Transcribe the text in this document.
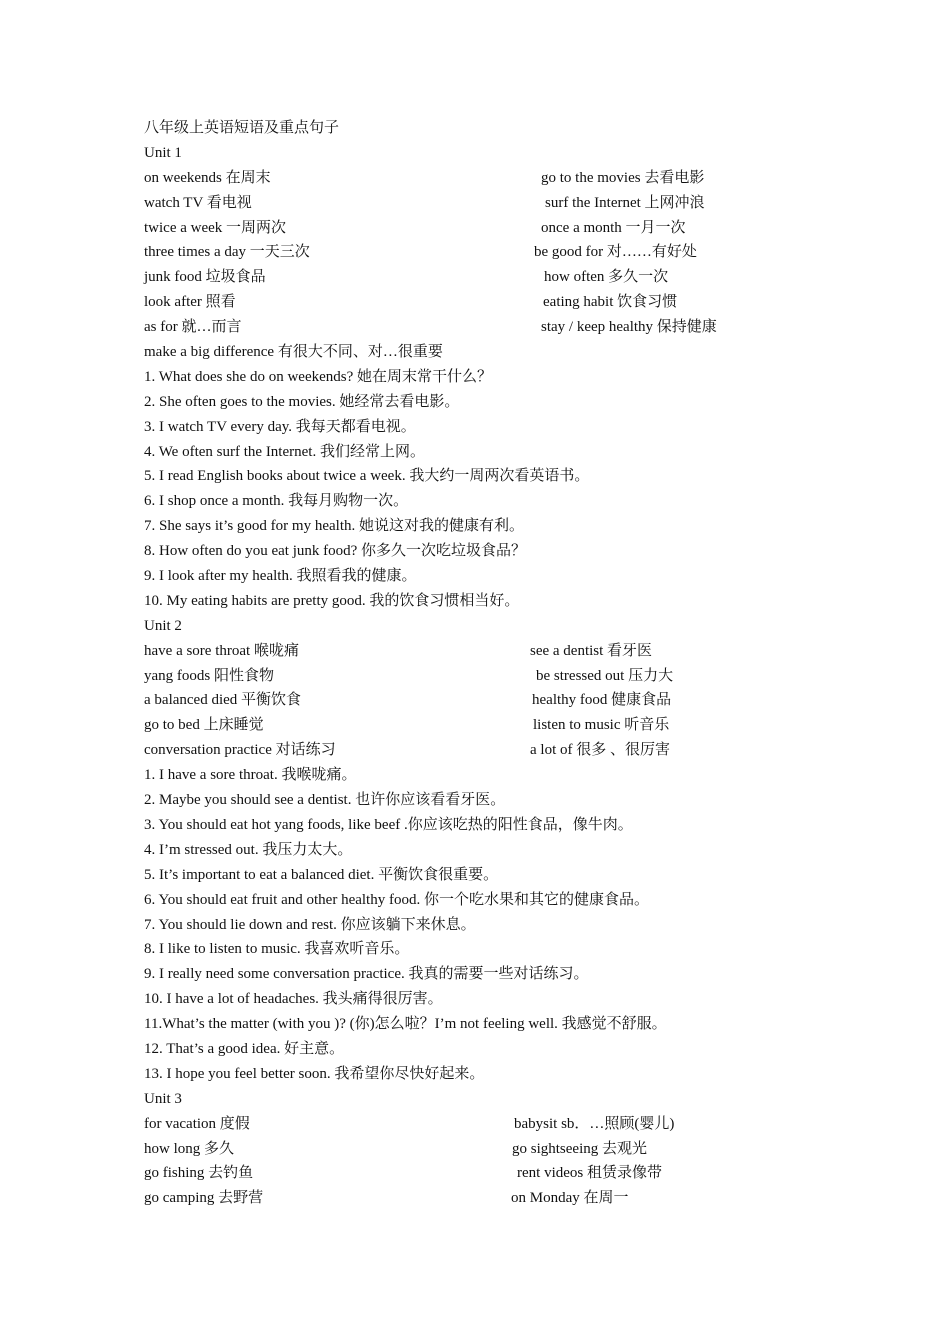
八年级上英语短语及重点句子
Unit 1
on weekends 在周末	go to the movies 去看电影
watch TV 看电视	surf the Internet 上网冲浪
twice a week 一周两次	once a month 一月一次
three times a day 一天三次	be good for 对……有好处
junk food 垃圾食品	how often 多久一次
look after 照看	eating habit 饮食习惯
as for 就…而言	stay / keep healthy 保持健康
make a big difference 有很大不同、对…很重要
1. What does she do on weekends? 她在周末常干什么？
2. She often goes to the movies. 她经常去看电影。
3. I watch TV every day. 我每天都看电视。
4. We often surf the Internet. 我们经常上网。
5. I read English books about twice a week. 我大约一周两次看英语书。
6. I shop once a month. 我每月购物一次。
7. She says it’s good for my health. 她说这对我的健康有利。
8. How often do you eat junk food? 你多久一次吃垃圾食品？
9. I look after my health. 我照看我的健康。
10. My eating habits are pretty good. 我的饮食习惯相当好。
Unit 2
have a sore throat 喉咙痛	see a dentist 看牙医
yang foods 阳性食物	be stressed out 压力大
a balanced died 平衡饮食	healthy food 健康食品
go to bed 上床睡觉	listen to music 听音乐
conversation practice 对话练习	a lot of 很多 、很厉害
1. I have a sore throat. 我喉咙痛。
2. Maybe you should see a dentist. 也许你应该看看牙医。
3. You should eat hot yang foods, like beef .你应该吃热的阳性食品，像牛肉。
4. I’m stressed out. 我压力太大。
5. It’s important to eat a balanced diet. 平衡饮食很重要。
6. You should eat fruit and other healthy food. 你一个吃水果和其它的健康食品。
7. You should lie down and rest. 你应该躺下来休息。
8. I like to listen to music. 我喜欢听音乐。
9. I really need some conversation practice. 我真的需要一些对话练习。
10. I have a lot of headaches. 我头痛得很厉害。
11.What’s the matter (with you )? (你)怎么啦？I’m not feeling well. 我感觉不舒服。
12. That’s a good idea. 好主意。
13. I hope you feel better soon. 我希望你尽快好起来。
Unit 3
for vacation 度假	babysit sb．…照顾(婴儿)
how long 多久	go sightseeing 去观光
go fishing 去钓鱼	rent videos 租赁录像带
go camping 去野营	on Monday 在周一
